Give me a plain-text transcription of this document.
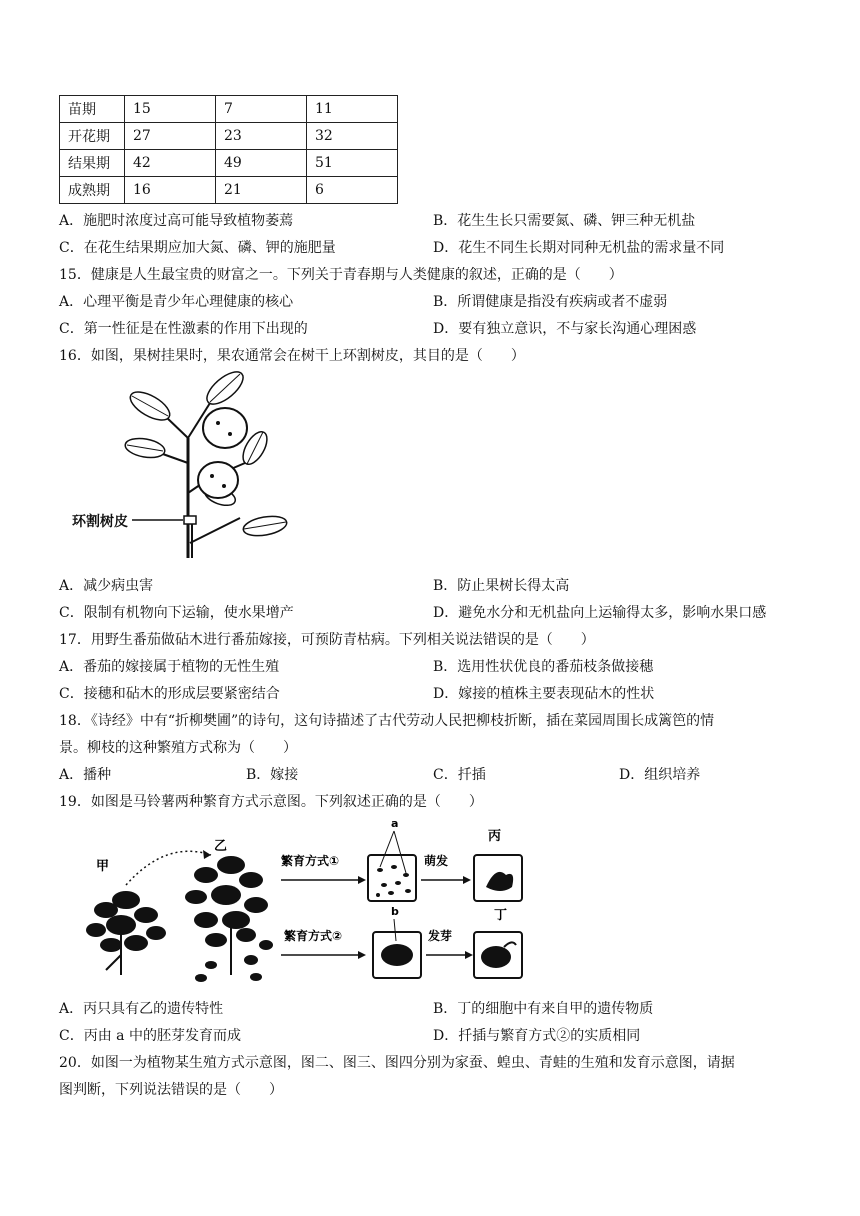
苗期	15	7	11
开花期	27	23	32
结果期	42	49	51
成熟期	16	21	6
A．施肥时浓度过高可能导致植物萎蔫	B．花生生长只需要氮、磷、钾三种无机盐
C．在花生结果期应加大氮、磷、钾的施肥量	D．花生不同生长期对同种无机盐的需求量不同
15．健康是人生最宝贵的财富之一。下列关于青春期与人类健康的叙述，正确的是（　　）
A．心理平衡是青少年心理健康的核心	B．所谓健康是指没有疾病或者不虚弱
C．第一性征是在性激素的作用下出现的	D．要有独立意识，不与家长沟通心理困惑
16．如图，果树挂果时，果农通常会在树干上环割树皮，其目的是（　　）
环割树皮
A．减少病虫害	B．防止果树长得太高
C．限制有机物向下运输，使水果增产	D．避免水分和无机盐向上运输得太多，影响水果口感
17．用野生番茄做砧木进行番茄嫁接，可预防青枯病。下列相关说法错误的是（　　）
A．番茄的嫁接属于植物的无性生殖	B．选用性状优良的番茄枝条做接穗
C．接穗和砧木的形成层要紧密结合	D．嫁接的植株主要表现砧木的性状
18．《诗经》中有“折柳樊圃”的诗句，这句诗描述了古代劳动人民把柳枝折断，插在菜园周围长成篱笆的情
景。柳枝的这种繁殖方式称为（　　）
A．播种	B．嫁接	C．扦插	D．组织培养
19．如图是马铃薯两种繁育方式示意图。下列叙述正确的是（　　）
甲
乙
繁育方式①
繁育方式②
a
萌发
丙
b
发芽
丁
A．丙只具有乙的遗传特性	B．丁的细胞中有来自甲的遗传物质
C．丙由 a 中的胚芽发育而成	D．扦插与繁育方式②的实质相同
20．如图一为植物某生殖方式示意图，图二、图三、图四分别为家蚕、蝗虫、青蛙的生殖和发育示意图，请据
图判断，下列说法错误的是（　　）
